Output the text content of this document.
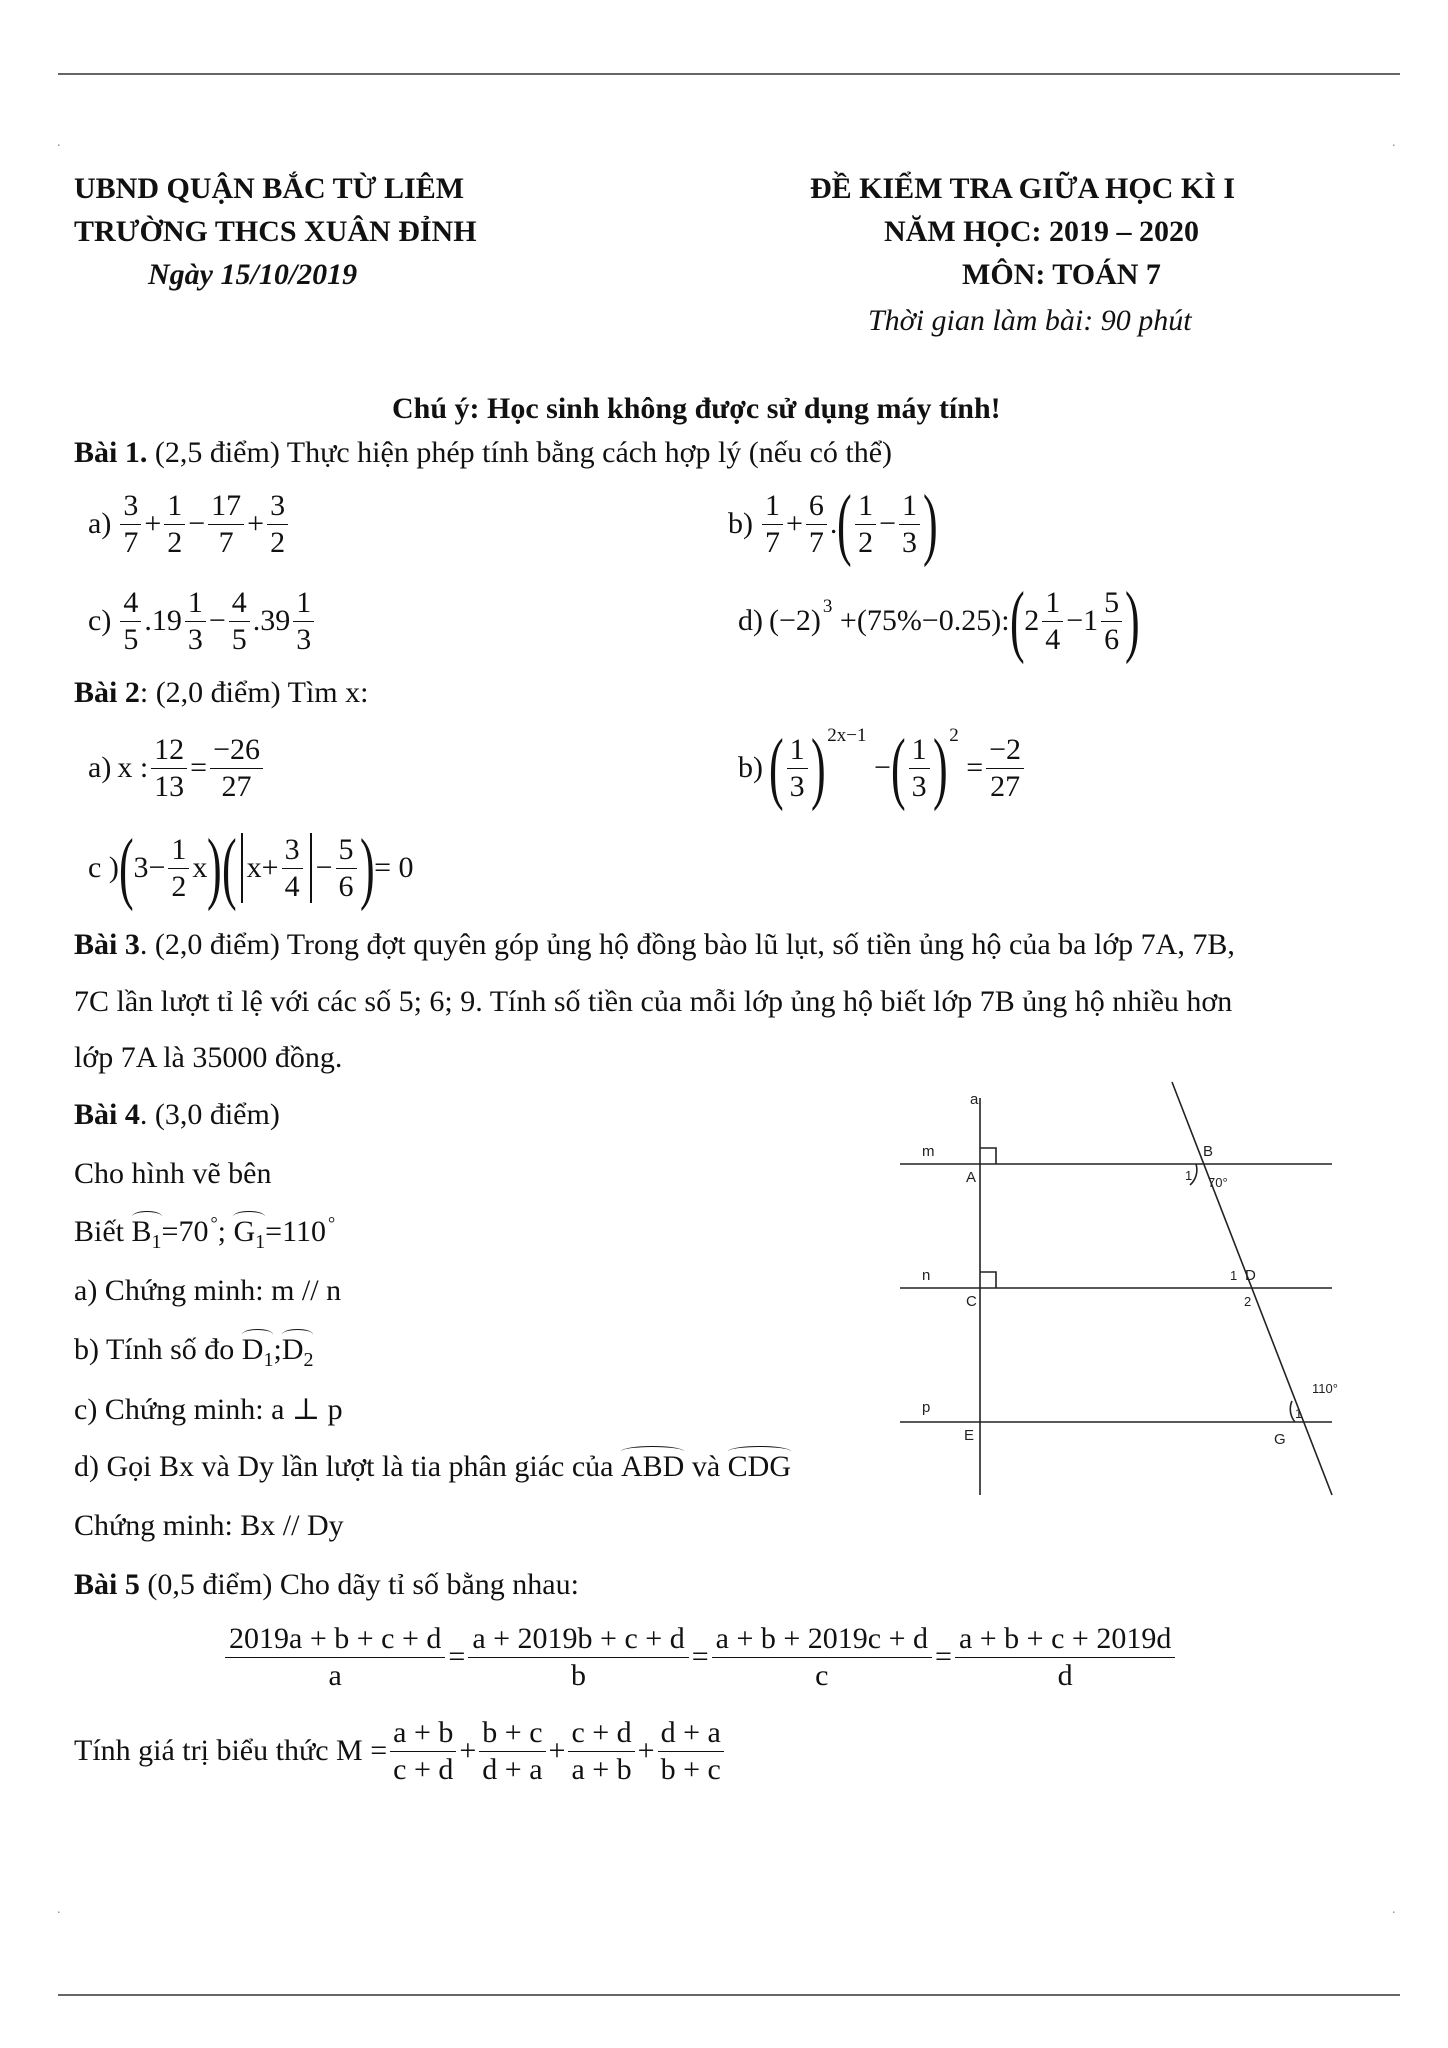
.	.
.	.
UBND QUẬN BẮC TỪ LIÊM
TRƯỜNG THCS XUÂN ĐỈNH
Ngày 15/10/2019
ĐỀ KIỂM TRA GIỮA HỌC KÌ I
NĂM HỌC: 2019 – 2020
MÔN: TOÁN 7
Thời gian làm bài: 90 phút
Chú ý: Học sinh không được sử dụng máy tính!
Bài 1. (2,5 điểm) Thực hiện phép tính bằng cách hợp lý (nếu có thể)
$a) \frac{3}{7} + \frac{1}{2} - \frac{17}{7} + \frac{3}{2}$	$b) \frac{1}{7} + \frac{6}{7}$ . ( $\frac{1}{2} - \frac{1}{3}$ )
$c) \frac{4}{5} .19 \frac{1}{3} - \frac{4}{5} .39 \frac{1}{3}$	d) (−2) 3 +(75%−0.25): ( $2 \frac{1}{4} -1 \frac{5}{6}$ )
Bài 2: (2,0 điểm) Tìm x:
a) x : $\frac{12}{13} = \frac{-26}{27}$	b) ( $\frac{1}{3}$ ) 2x−1
− ( $\frac{1}{3}$ ) 2
= $\frac{-2}{27}$
c ) ( $3- \frac{1}{2}$ x ) ( $x+ \frac{3}{4} - \frac{5}{6}$ ) = 0
Bài 3. (2,0 điểm) Trong đợt quyên góp ủng hộ đồng bào lũ lụt, số tiền ủng hộ của ba lớp 7A, 7B,
7C lần lượt tỉ lệ với các số 5; 6; 9. Tính số tiền của mỗi lớp ủng hộ biết lớp 7B ủng hộ nhiều hơn
lớp 7A là 35000 đồng.
Bài 4. (3,0 điểm)
Cho hình vẽ bên
Biết $B_1=70$ °; $G_1=110$ °
a) Chứng minh: m // n
b) Tính số đo $D_1;D_2$
c) Chứng minh: a ⊥ p
d) Gọi Bx và Dy lần lượt là tia phân giác của ABD và CDG
Chứng minh: Bx // Dy
a
m
A
B
1 70°
n
C
1 D
2
p
E	G
1
110°
Bài 5 (0,5 điểm) Cho dãy tỉ số bằng nhau:
$\frac{2019a + b + c + d}{a} = \frac{a + 2019b + c + d}{b} = \frac{a + b + 2019c + d}{c} = \frac{a + b + c + 2019d}{d}$
Tính giá trị biểu thức $M = \frac{a + b}{c + d} + \frac{b + c}{d + a} + \frac{c + d}{a + b} + \frac{d + a}{b + c}$
